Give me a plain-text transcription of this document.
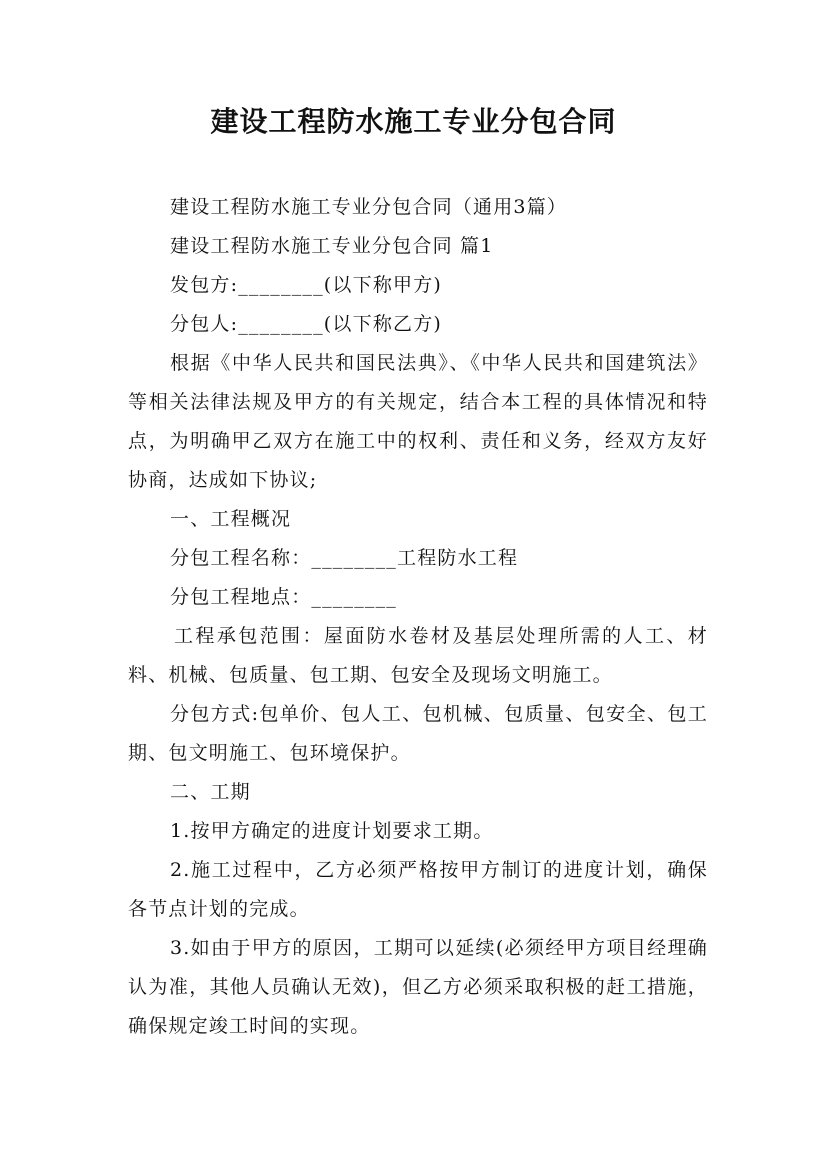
建设工程防水施工专业分包合同

建设工程防水施工专业分包合同（通用3篇）

建设工程防水施工专业分包合同 篇1

发包方:________(以下称甲方)

分包人:________(以下称乙方)

根据《中华人民共和国民法典》、《中华人民共和国建筑法》等相关法律法规及甲方的有关规定，结合本工程的具体情况和特点，为明确甲乙双方在施工中的权利、责任和义务，经双方友好协商，达成如下协议;

一、工程概况

分包工程名称：________工程防水工程

分包工程地点：________

工程承包范围：屋面防水卷材及基层处理所需的人工、材料、机械、包质量、包工期、包安全及现场文明施工。

分包方式:包单价、包人工、包机械、包质量、包安全、包工期、包文明施工、包环境保护。

二、工期

1.按甲方确定的进度计划要求工期。

2.施工过程中，乙方必须严格按甲方制订的进度计划，确保各节点计划的完成。

3.如由于甲方的原因，工期可以延续(必须经甲方项目经理确认为准，其他人员确认无效)，但乙方必须采取积极的赶工措施，确保规定竣工时间的实现。
